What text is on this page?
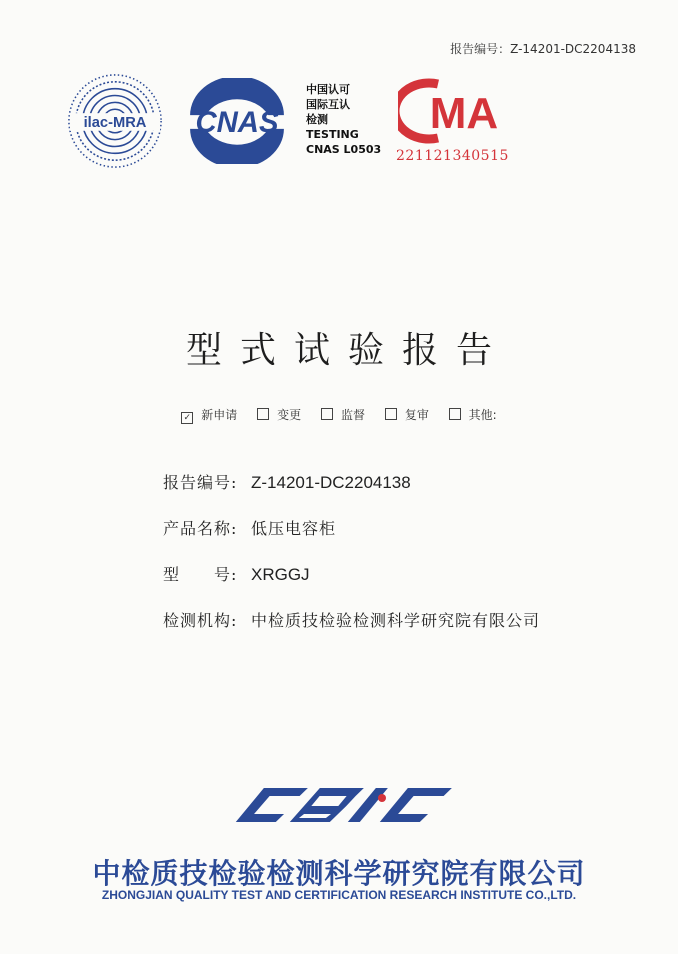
报告编号：Z-14201-DC2204138
ilac-MRA CNAS
中国认可
国际互认
检测
TESTING
CNAS L0503
MA
221121340515
型式试验报告
✓ 新申请	变更	监督	复审	其他:
报告编号: Z-14201-DC2204138
产品名称: 低压电容柜
型　　号: XRGGJ
检测机构: 中检质技检验检测科学研究院有限公司
CBiC
中检质技检验检测科学研究院有限公司
ZHONGJIAN QUALITY TEST AND CERTIFICATION RESEARCH INSTITUTE CO.,LTD.
